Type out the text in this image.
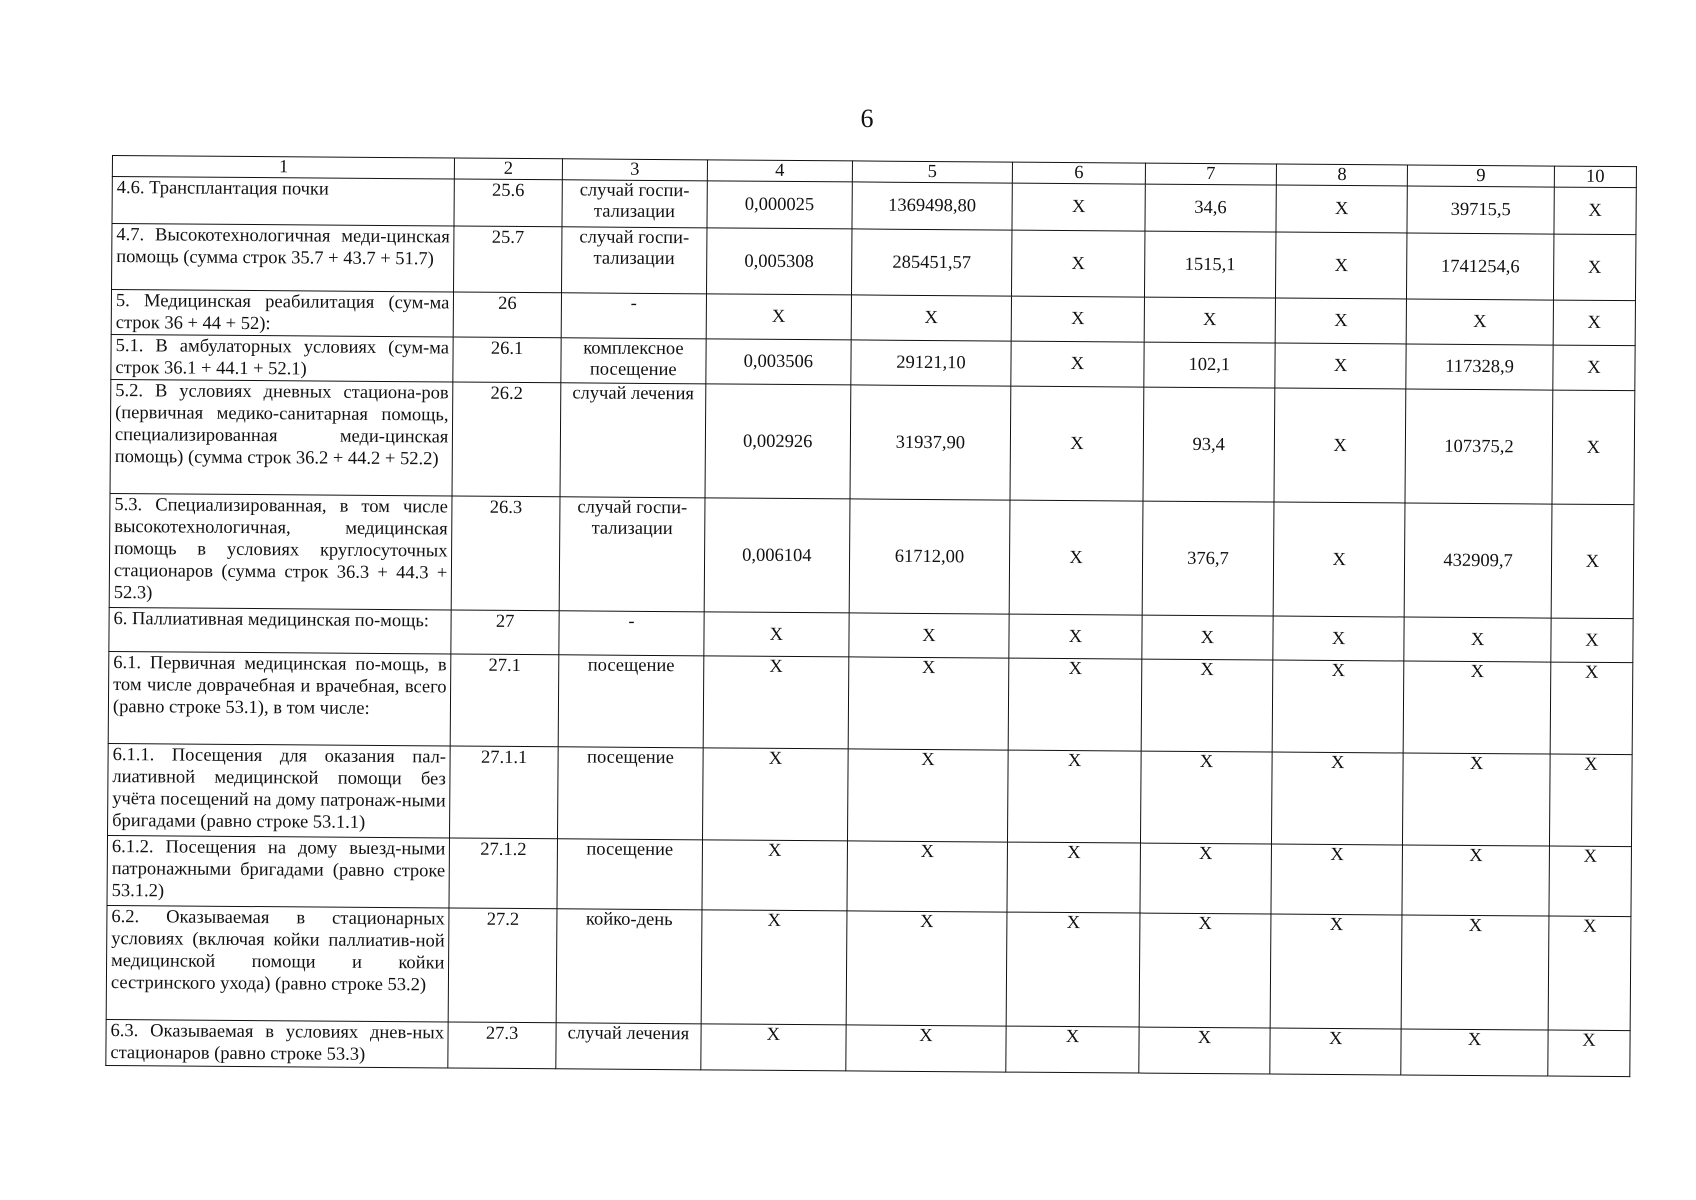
6
1	2	3	4	5	6	7	8	9	10
4.6. Трансплантация почки	25.6	случай госпи-тализации	0,000025	1369498,80	X	34,6	X	39715,5	X
4.7. Высокотехнологичная меди-цинская помощь (сумма строк 35.7 + 43.7 + 51.7)	25.7	случай госпи-тализации	0,005308	285451,57	X	1515,1	X	1741254,6	X
5. Медицинская реабилитация (сум-ма строк 36 + 44 + 52):	26	-	X	X	X	X	X	X	X
5.1. В амбулаторных условиях (сум-ма строк 36.1 + 44.1 + 52.1)	26.1	комплексное посещение	0,003506	29121,10	X	102,1	X	117328,9	X
5.2. В условиях дневных стациона-ров (первичная медико-санитарная помощь, специализированная меди-цинская помощь) (сумма строк 36.2 + 44.2 + 52.2)	26.2	случай лечения	0,002926	31937,90	X	93,4	X	107375,2	X
5.3. Специализированная, в том числе высокотехнологичная, медицинская помощь в условиях круглосуточных стационаров (сумма строк 36.3 + 44.3 + 52.3)	26.3	случай госпи-тализации	0,006104	61712,00	X	376,7	X	432909,7	X
6. Паллиативная медицинская по-мощь:	27	-	X	X	X	X	X	X	X
6.1. Первичная медицинская по-мощь, в том числе доврачебная и врачебная, всего (равно строке 53.1), в том числе:	27.1	посещение	X	X	X	X	X	X	X
6.1.1. Посещения для оказания пал-лиативной медицинской помощи без учёта посещений на дому патронаж-ными бригадами (равно строке 53.1.1)	27.1.1	посещение	X	X	X	X	X	X	X
6.1.2. Посещения на дому выезд-ными патронажными бригадами (равно строке 53.1.2)	27.1.2	посещение	X	X	X	X	X	X	X
6.2. Оказываемая в стационарных условиях (включая койки паллиатив-ной медицинской помощи и койки сестринского ухода) (равно строке 53.2)	27.2	койко-день	X	X	X	X	X	X	X
6.3. Оказываемая в условиях днев-ных стационаров (равно строке 53.3)	27.3	случай лечения	X	X	X	X	X	X	X
